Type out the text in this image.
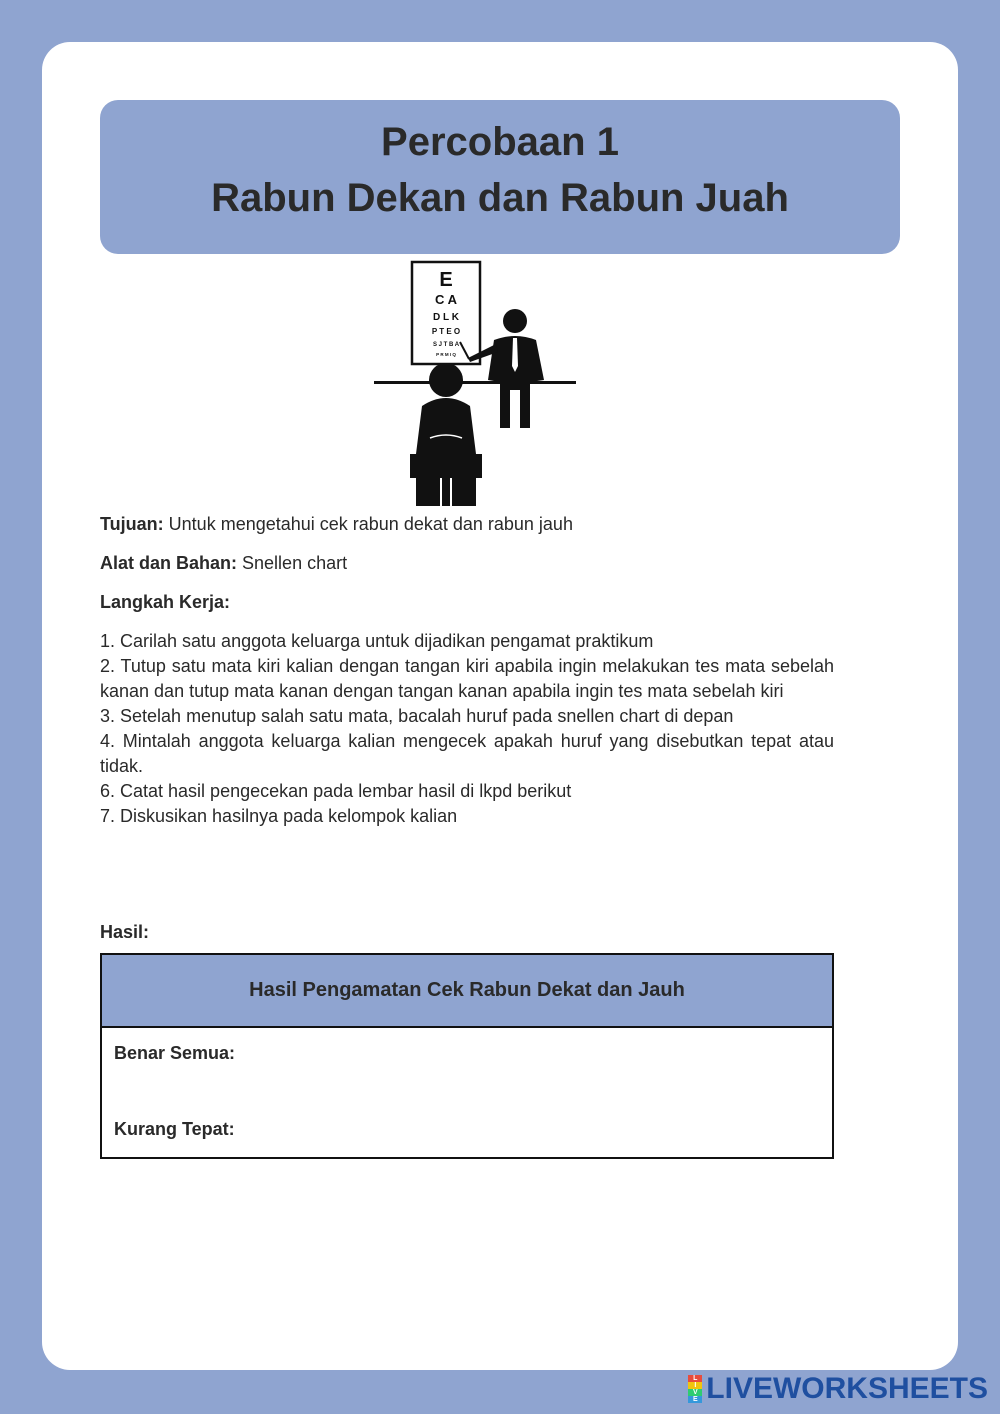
Percobaan 1
Rabun Dekan dan Rabun Juah
E
C A
D L K
P T E O
S J T B A
P R M I Q

Tujuan: Untuk mengetahui cek rabun dekat dan rabun jauh

Alat dan Bahan: Snellen chart

Langkah Kerja:

1. Carilah satu anggota keluarga untuk dijadikan pengamat praktikum
2. Tutup satu mata kiri kalian dengan tangan kiri apabila ingin melakukan tes mata sebelah kanan dan tutup mata kanan dengan tangan kanan apabila ingin tes mata sebelah kiri
3. Setelah menutup salah satu mata, bacalah huruf pada snellen chart di depan
4. Mintalah anggota keluarga kalian mengecek apakah huruf yang disebutkan tepat atau tidak.
6. Catat hasil pengecekan pada lembar hasil di lkpd berikut
7. Diskusikan hasilnya pada kelompok kalian
Hasil:
Hasil Pengamatan Cek Rabun Dekat dan Jauh
Benar Semua:
Kurang Tepat:
L
I
V
E LIVEWORKSHEETS
